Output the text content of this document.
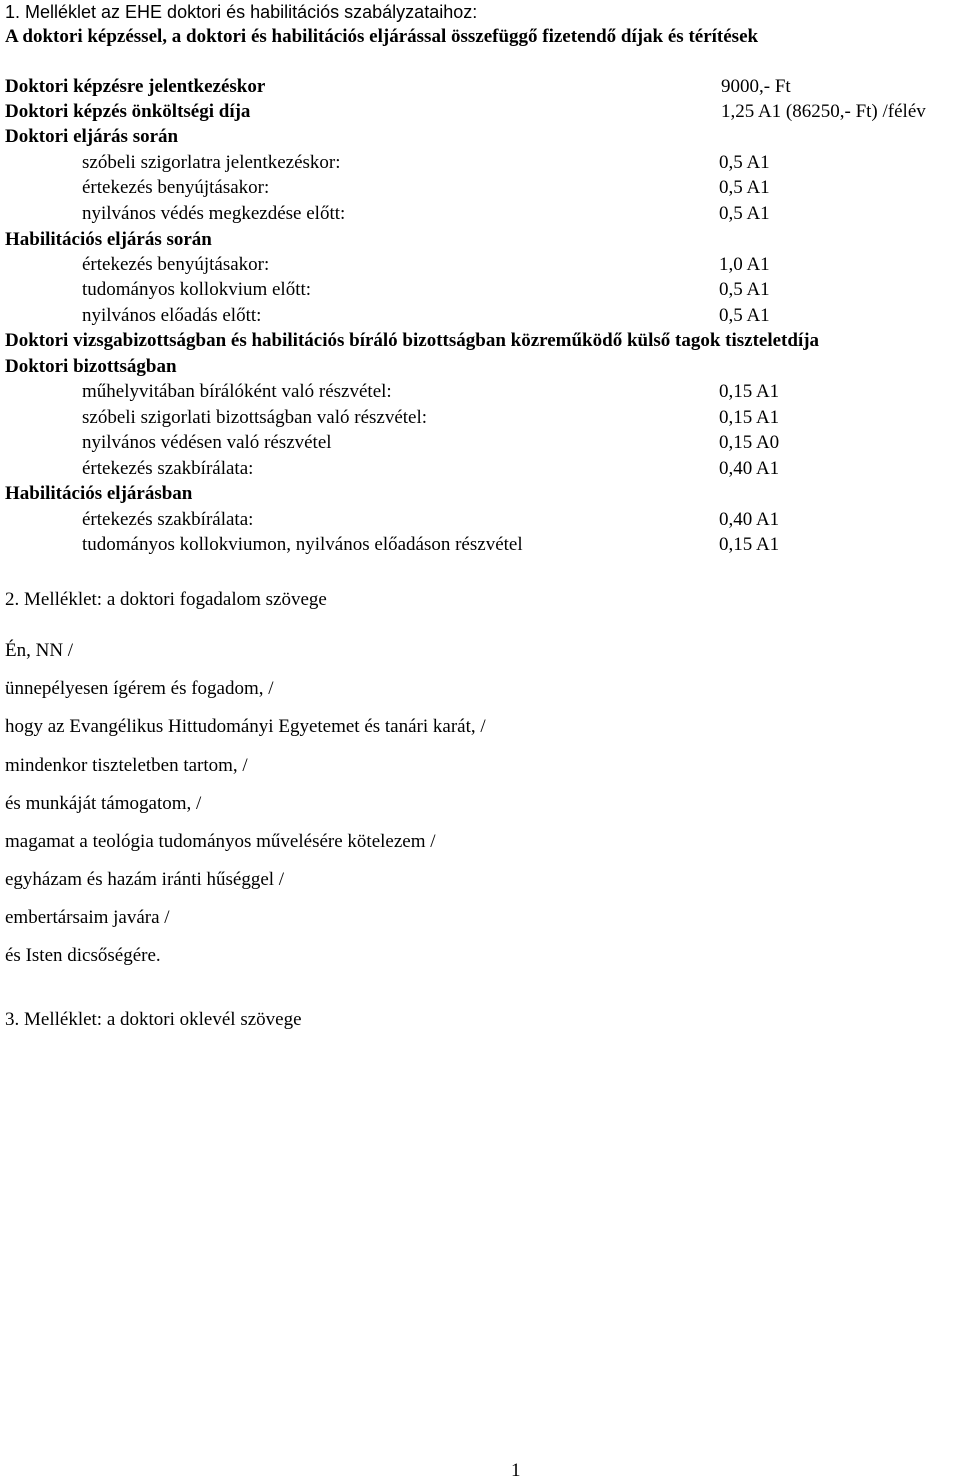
1. Melléklet az EHE doktori és habilitációs szabályzataihoz:
A doktori képzéssel, a doktori és habilitációs eljárással összefüggő fizetendő díjak és térítések
Doktori képzésre jelentkezéskor	9000,- Ft
Doktori képzés önköltségi díja	1,25 A1 (86250,- Ft) /félév
Doktori eljárás során
szóbeli szigorlatra jelentkezéskor:	0,5 A1
értekezés benyújtásakor:	0,5 A1
nyilvános védés megkezdése előtt:	0,5 A1
Habilitációs eljárás során
értekezés benyújtásakor:	1,0 A1
tudományos kollokvium előtt:	0,5 A1
nyilvános előadás előtt:	0,5 A1
Doktori vizsgabizottságban és habilitációs bíráló bizottságban közreműködő külső tagok tiszteletdíja
Doktori bizottságban
műhelyvitában bírálóként való részvétel:	0,15 A1
szóbeli szigorlati bizottságban való részvétel:	0,15 A1
nyilvános védésen való részvétel	0,15 A0
értekezés szakbírálata:	0,40 A1
Habilitációs eljárásban
értekezés szakbírálata:	0,40 A1
tudományos kollokviumon, nyilvános előadáson részvétel	0,15 A1
2. Melléklet: a doktori fogadalom szövege
Én, NN /
ünnepélyesen ígérem és fogadom, /
hogy az Evangélikus Hittudományi Egyetemet és tanári karát, /
mindenkor tiszteletben tartom, /
és munkáját támogatom, /
magamat a teológia tudományos művelésére kötelezem /
egyházam és hazám iránti hűséggel /
embertársaim javára /
és Isten dicsőségére.
3. Melléklet: a doktori oklevél szövege
1
